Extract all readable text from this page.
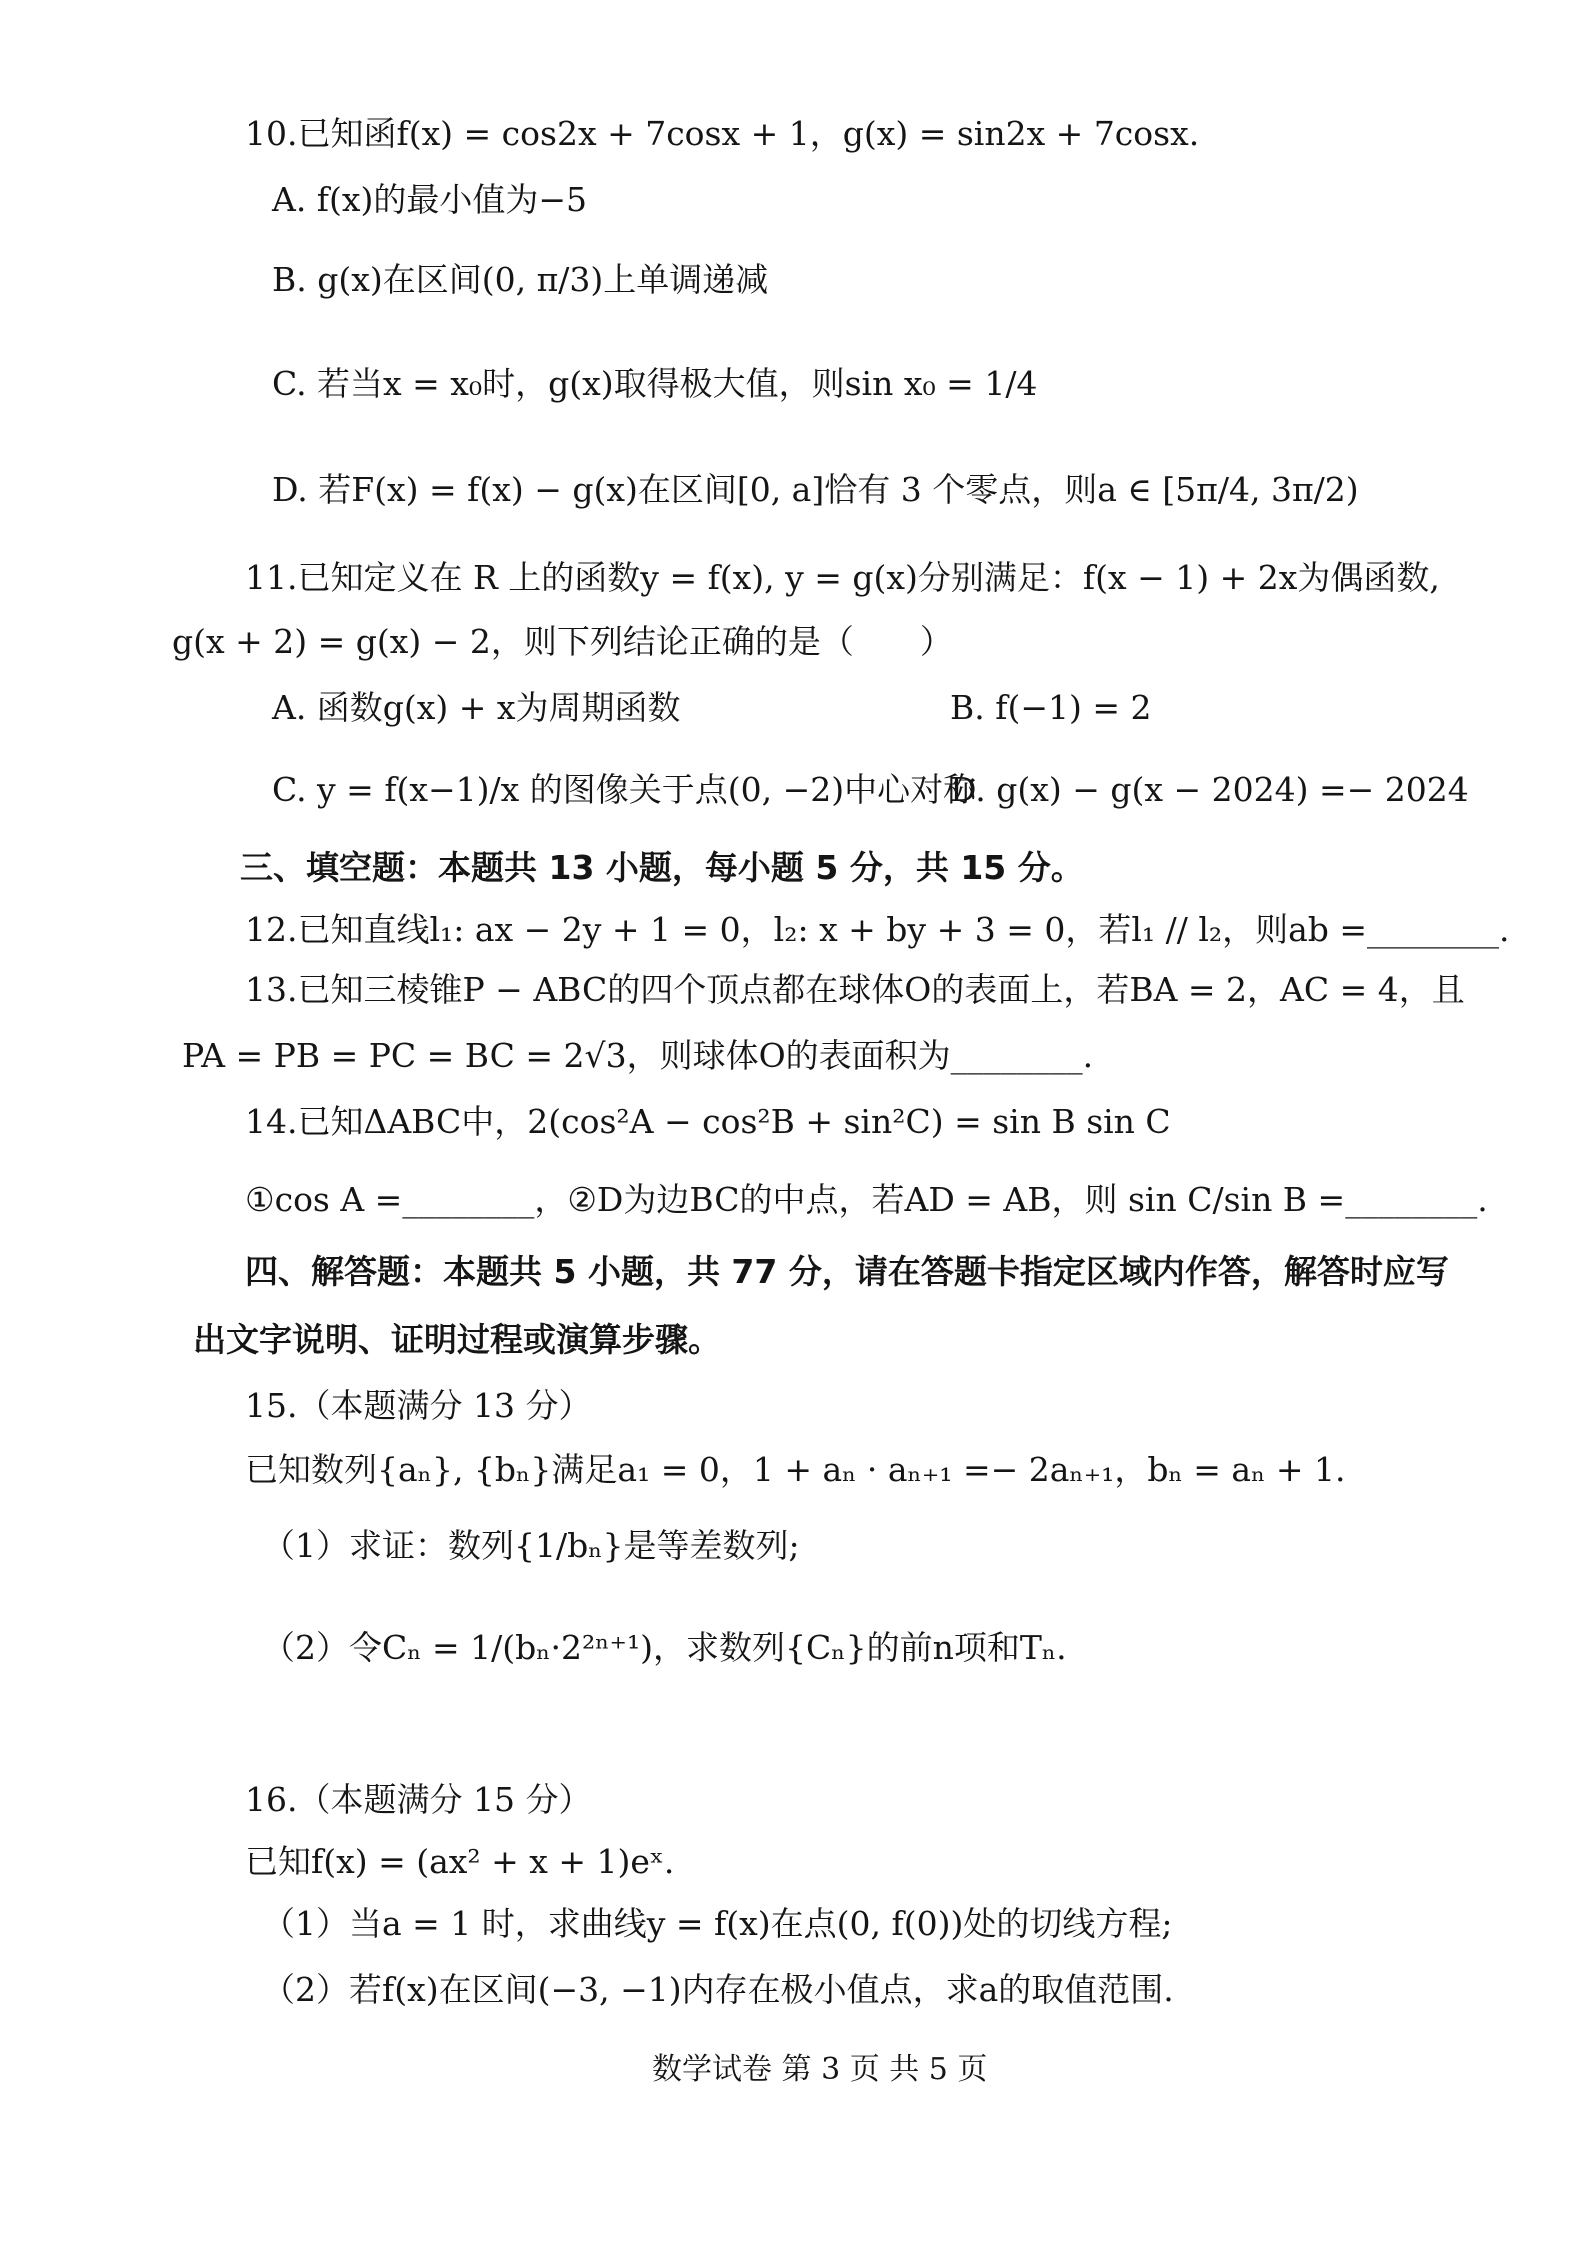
10.已知函f(x) = cos2x + 7cosx + 1，g(x) = sin2x + 7cosx.
A. f(x)的最小值为−5
B. g(x)在区间(0, π/3)上单调递减
C. 若当x = x₀时，g(x)取得极大值，则sin x₀ = 1/4
D. 若F(x) = f(x) − g(x)在区间[0, a]恰有 3 个零点，则a ∈ [5π/4, 3π/2)
11.已知定义在 R 上的函数y = f(x), y = g(x)分别满足：f(x − 1) + 2x为偶函数,
g(x + 2) = g(x) − 2，则下列结论正确的是（　　）
A. 函数g(x) + x为周期函数	B. f(−1) = 2
C. y = f(x−1)/x 的图像关于点(0, −2)中心对称
D. g(x) − g(x − 2024) =− 2024
三、填空题：本题共 13 小题，每小题 5 分，共 15 分。
12.已知直线l₁: ax − 2y + 1 = 0，l₂: x + by + 3 = 0，若l₁ // l₂，则ab =________.
13.已知三棱锥P − ABC的四个顶点都在球体O的表面上，若BA = 2，AC = 4，且
PA = PB = PC = BC = 2√3，则球体O的表面积为________.
14.已知ΔABC中，2(cos²A − cos²B + sin²C) = sin B sin C
①cos A =________，②D为边BC的中点，若AD = AB，则 sin C/sin B =________.
四、解答题：本题共 5 小题，共 77 分，请在答题卡指定区域内作答，解答时应写
出文字说明、证明过程或演算步骤。
15.（本题满分 13 分）
已知数列{aₙ}, {bₙ}满足a₁ = 0，1 + aₙ · aₙ₊₁ =− 2aₙ₊₁，bₙ = aₙ + 1.
（1）求证：数列{1/bₙ}是等差数列;
（2）令Cₙ = 1/(bₙ·2²ⁿ⁺¹)，求数列{Cₙ}的前n项和Tₙ.
16.（本题满分 15 分）
已知f(x) = (ax² + x + 1)eˣ.
（1）当a = 1 时，求曲线y = f(x)在点(0, f(0))处的切线方程;
（2）若f(x)在区间(−3, −1)内存在极小值点，求a的取值范围.
数学试卷 第 3 页 共 5 页
